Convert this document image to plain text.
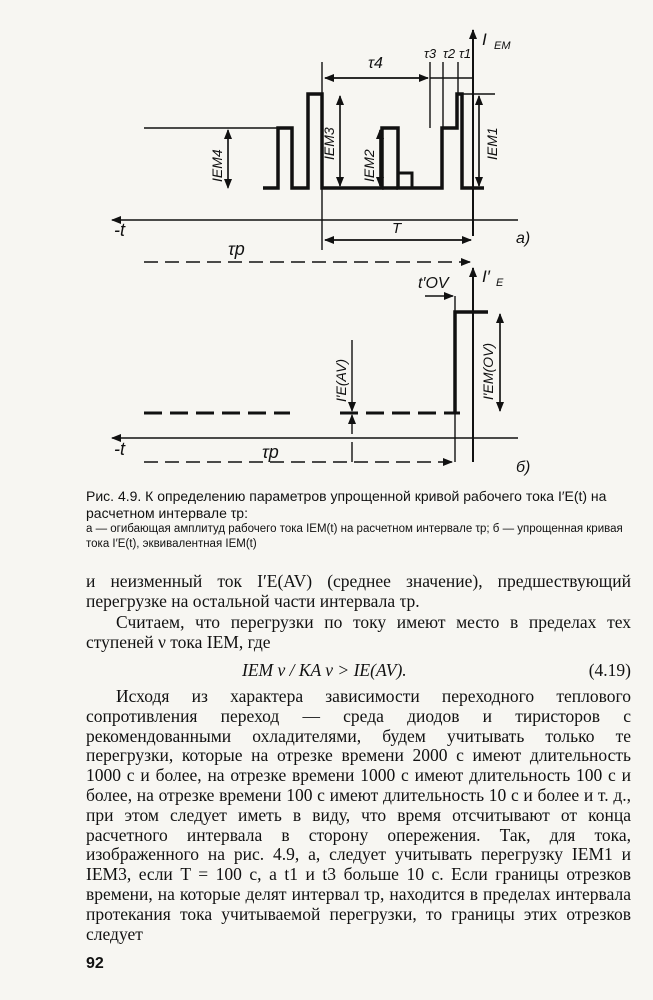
I EM
τ4
τ3 τ2 τ1
IEM4
IEM3
IEM2
IEM1
-t	T
τp
а)
t′OV I′ E
I′E(AV)	I′EM(OV)
-t	τp
б)
Рис. 4.9. К определению параметров упрощенной кривой рабочего тока I′E(t) на расчетном интервале τp:
а — огибающая амплитуд рабочего тока IEM(t) на расчетном интервале τp; б — упрощенная кривая тока I′E(t), эквивалентная IEM(t)
и неизменный ток I′E(AV) (среднее значение), предшествующий перегрузке на остальной части интервала τp.
Считаем, что перегрузки по току имеют место в пределах тех ступеней ν тока IEM, где
IEM ν / KA ν > IE(AV).	(4.19)
Исходя из характера зависимости переходного теплового сопротивления переход — среда диодов и тиристоров с рекомендованными охладителями, будем учитывать только те перегрузки, которые на отрезке времени 2000 с имеют длительность 1000 с и более, на отрезке времени 1000 с имеют длительность 100 с и более, на отрезке времени 100 с имеют длительность 10 с и более и т. д., при этом следует иметь в виду, что время отсчитывают от конца расчетного интервала в сторону опережения. Так, для тока, изображенного на рис. 4.9, а, следует учитывать перегрузку IEM1 и IEM3, если T = 100 с, а t1 и t3 больше 10 с. Если границы отрезков времени, на которые делят интервал τp, находится в пределах интервала протекания тока учитываемой перегрузки, то границы этих отрезков следует
92
